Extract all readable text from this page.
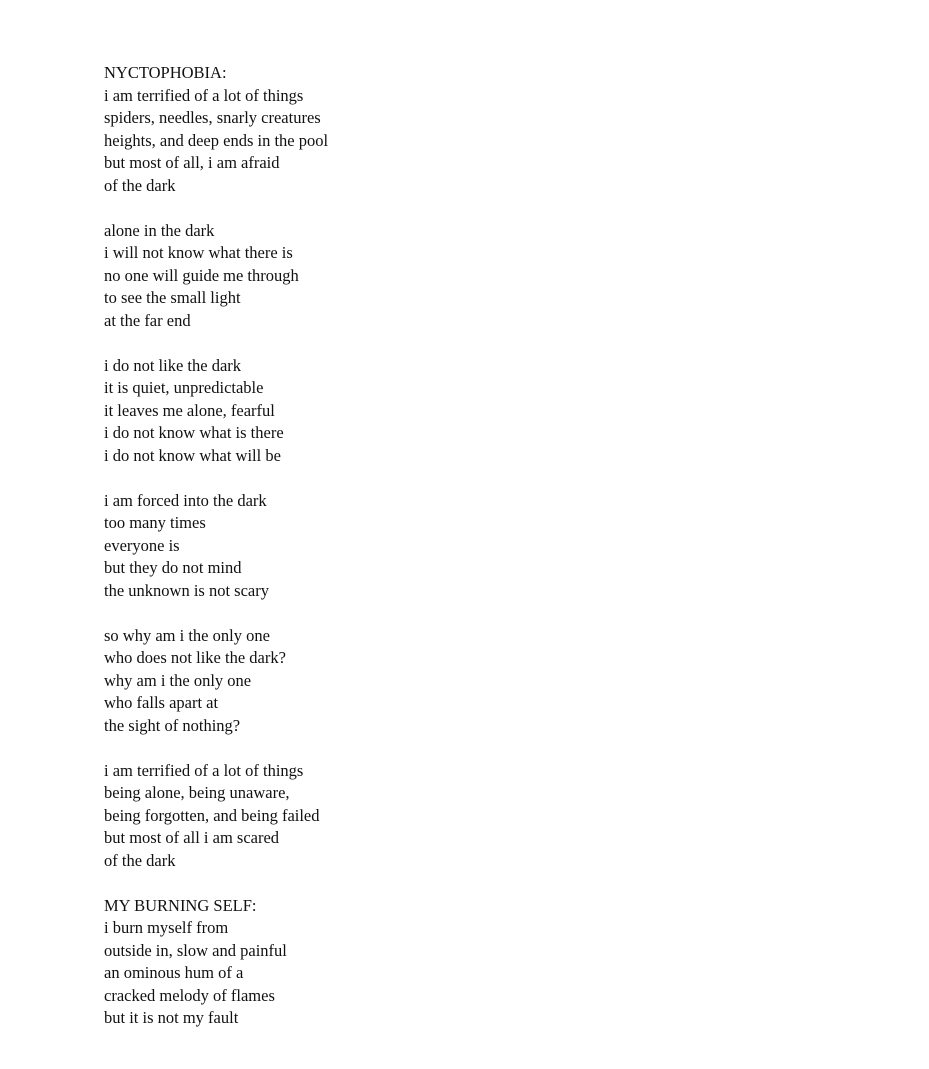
NYCTOPHOBIA:
i am terrified of a lot of things
spiders, needles, snarly creatures
heights, and deep ends in the pool
but most of all, i am afraid
of the dark
alone in the dark
i will not know what there is
no one will guide me through
to see the small light
at the far end
i do not like the dark
it is quiet, unpredictable
it leaves me alone, fearful
i do not know what is there
i do not know what will be
i am forced into the dark
too many times
everyone is
but they do not mind
the unknown is not scary
so why am i the only one
who does not like the dark?
why am i the only one
who falls apart at
the sight of nothing?
i am terrified of a lot of things
being alone, being unaware,
being forgotten, and being failed
but most of all i am scared
of the dark
MY BURNING SELF:
i burn myself from
outside in, slow and painful
an ominous hum of a
cracked melody of flames
but it is not my fault
